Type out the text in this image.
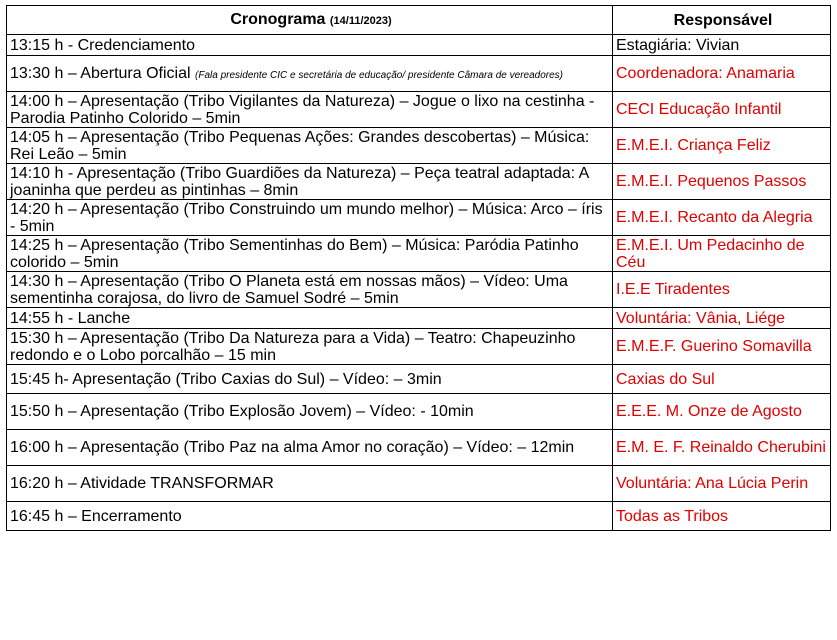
Cronograma (14/11/2023)	Responsável
13:15 h - Credenciamento	Estagiária: Vivian
13:30 h – Abertura Oficial (Fala presidente CIC e secretária de educação/ presidente Câmara de vereadores)	Coordenadora: Anamaria
14:00 h – Apresentação (Tribo Vigilantes da Natureza) – Jogue o lixo na cestinha - Parodia Patinho Colorido – 5min	CECI Educação Infantil
14:05 h – Apresentação (Tribo Pequenas Ações: Grandes descobertas) – Música: Rei Leão – 5min	E.M.E.I. Criança Feliz
14:10 h - Apresentação (Tribo Guardiões da Natureza) – Peça teatral adaptada: A joaninha que perdeu as pintinhas – 8min	E.M.E.I. Pequenos Passos
14:20 h – Apresentação (Tribo Construindo um mundo melhor) – Música: Arco – íris - 5min	E.M.E.I. Recanto da Alegria
14:25 h – Apresentação (Tribo Sementinhas do Bem) – Música: Paródia Patinho colorido – 5min	E.M.E.I. Um Pedacinho de Céu
14:30 h – Apresentação (Tribo O Planeta está em nossas mãos) – Vídeo: Uma sementinha corajosa, do livro de Samuel Sodré – 5min	I.E.E Tiradentes
14:55 h - Lanche	Voluntária: Vânia, Liége
15:30 h – Apresentação (Tribo Da Natureza para a Vida) – Teatro: Chapeuzinho redondo e o Lobo porcalhão – 15 min	E.M.E.F. Guerino Somavilla
15:45 h- Apresentação (Tribo Caxias do Sul) – Vídeo: – 3min	Caxias do Sul
15:50 h – Apresentação (Tribo Explosão Jovem) – Vídeo: - 10min	E.E.E. M. Onze de Agosto
16:00 h – Apresentação (Tribo Paz na alma Amor no coração) – Vídeo: – 12min	E.M. E. F. Reinaldo Cherubini
16:20 h – Atividade TRANSFORMAR	Voluntária: Ana Lúcia Perin
16:45 h – Encerramento	Todas as Tribos
